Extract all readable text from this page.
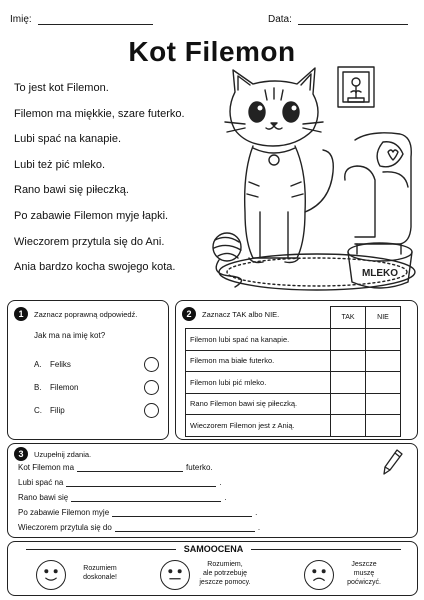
Imię:	Data:
Kot Filemon
To jest kot Filemon.
Filemon ma miękkie, szare futerko.
Lubi spać na kanapie.
Lubi też pić mleko.
Rano bawi się piłeczką.
Po zabawie Filemon myje łapki.
Wieczorem przytula się do Ani.
Ania bardzo kocha swojego kota.
MLEKO
1	Zaznacz poprawną odpowiedź.
Jak ma na imię kot?
A.	Feliks
B.	Filemon
C.	Filip
2	Zaznacz TAK albo NIE.
		TAK	NIE
Filemon lubi spać na kanapie.		
Filemon ma białe futerko.		
Filemon lubi pić mleko.		
Rano Filemon bawi się piłeczką.		
Wieczorem Filemon jest z Anią.		
3	Uzupełnij zdania.
Kot Filemon ma	futerko.
Lubi spać na	.
Rano bawi się	.
Po zabawie Filemon myje	.
Wieczorem przytula się do	.
SAMOOCENA
Rozumiem
doskonale!
Rozumiem,
ale potrzebuję
jeszcze pomocy.
Jeszcze
muszę
poćwiczyć.
